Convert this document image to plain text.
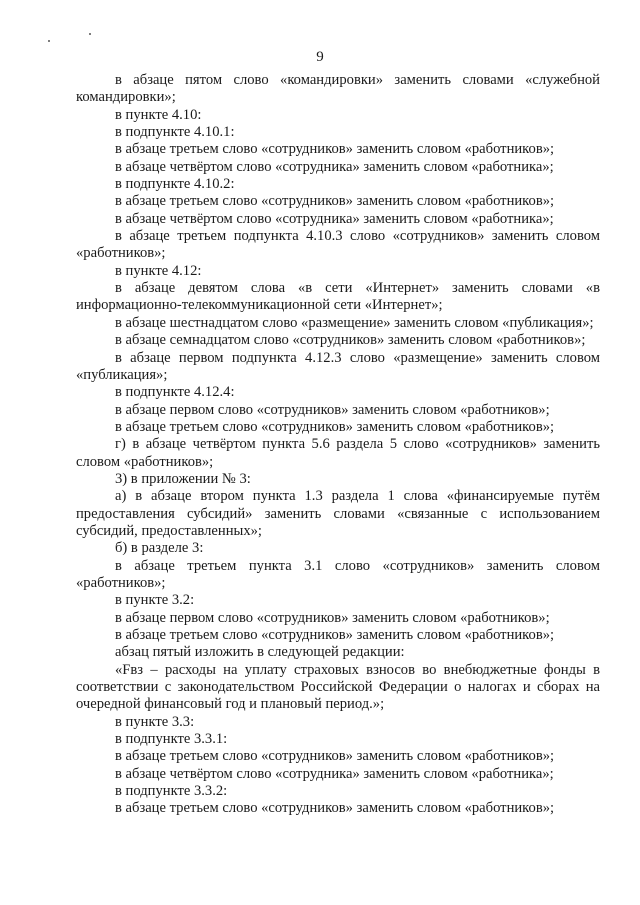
9

в абзаце пятом слово «командировки» заменить словами «служебной командировки»;

в пункте 4.10:

в подпункте 4.10.1:

в абзаце третьем слово «сотрудников» заменить словом «работников»;

в абзаце четвёртом слово «сотрудника» заменить словом «работника»;

в подпункте 4.10.2:

в абзаце третьем слово «сотрудников» заменить словом «работников»;

в абзаце четвёртом слово «сотрудника» заменить словом «работника»;

в абзаце третьем подпункта 4.10.3 слово «сотрудников» заменить словом «работников»;

в пункте 4.12:

в абзаце девятом слова «в сети «Интернет» заменить словами «в информационно-телекоммуникационной сети «Интернет»;

в абзаце шестнадцатом слово «размещение» заменить словом «публикация»;

в абзаце семнадцатом слово «сотрудников» заменить словом «работников»;

в абзаце первом подпункта 4.12.3 слово «размещение» заменить словом «публикация»;

в подпункте 4.12.4:

в абзаце первом слово «сотрудников» заменить словом «работников»;

в абзаце третьем слово «сотрудников» заменить словом «работников»;

г) в абзаце четвёртом пункта 5.6 раздела 5 слово «сотрудников» заменить словом «работников»;

3) в приложении № 3:

а) в абзаце втором пункта 1.3 раздела 1 слова «финансируемые путём предоставления субсидий» заменить словами «связанные с использованием субсидий, предоставленных»;

б) в разделе 3:

в абзаце третьем пункта 3.1 слово «сотрудников» заменить словом «работников»;

в пункте 3.2:

в абзаце первом слово «сотрудников» заменить словом «работников»;

в абзаце третьем слово «сотрудников» заменить словом «работников»;

абзац пятый изложить в следующей редакции:

«Fвз – расходы на уплату страховых взносов во внебюджетные фонды в соответствии с законодательством Российской Федерации о налогах и сборах на очередной финансовый год и плановый период.»;

в пункте 3.3:

в подпункте 3.3.1:

в абзаце третьем слово «сотрудников» заменить словом «работников»;

в абзаце четвёртом слово «сотрудника» заменить словом «работника»;

в подпункте 3.3.2:

в абзаце третьем слово «сотрудников» заменить словом «работников»;
